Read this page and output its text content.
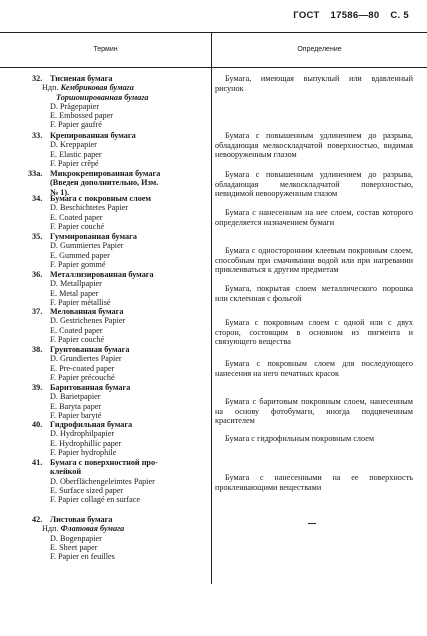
ГОСТ 17586—80 С. 5
Термин	Определение
32. Тисненая бумага
Ндп. Кембриковая бумага
Торшонированная бумага
D. Prägepapier
E. Embossed paper
F. Papier gaufré
33. Крепированная бумага
D. Kreppapier
E. Elastic paper
F. Papier crêpé
33а. Микрокрепированная бумага
(Введен дополнительно, Изм.
№ 1).
34. Бумага с покровным слоем
D. Beschichtetes Papier
E. Coated paper
F. Papier couché
35. Гуммированная бумага
D. Gummiertes Papier
E. Gummed paper
F. Papier gommé
36. Металлизированная бумага
D. Metallpapier
E. Metal paper
F. Papier métallisé
37. Мелованная бумага
D. Gestrichenes Papier
E. Coated paper
F. Papier couché
38. Грунтованная бумага
D. Grundiertes Papier
E. Pre-coated paper
F. Papier précouché
39. Баритованная бумага
D. Barietpapier
E. Baryta paper
F. Papier baryté
40. Гидрофильная бумага
D. Hydrophilpapier
E. Hydrophillic paper
F. Papier hydrophile
41. Бумага с поверхностной про-
клейкой
D. Oberflächengeleimtes Papier
E. Surface sized paper
F. Papier collagé en surface
42. Листовая бумага
Ндп. Флатовая бумага
D. Bogenpapier
E. Sheet paper
F. Papier en feuilles
Бумага, имеющая выпуклый или вдавленный рисунок
Бумага с повышенным удлинением до разрыва, обладающая мелкоскладчатой поверхностью, видимая невооруженным глазом
Бумага с повышенным удлинением до разрыва, обладающая мелкоскладчатой поверхностью, невидимой невооруженным глазом
Бумага с нанесенным на нее слоем, состав которого определяется назначением бумаги
Бумага с односторонним клеевым покровным слоем, способным при смачивании водой или при нагревании приклеиваться к другим предметам
Бумага, покрытая слоем металлического порошка или склеенная с фольгой
Бумага с покровным слоем с одной или с двух сторон, состоящим в основном из пигмента и связующего вещества
Бумага с покровным слоем для последующего нанесения на него печатных красок
Бумага с баритовым покровным слоем, нанесенным на основу фотобумаги, иногда подцвеченным красителем
Бумага с гидрофильным покровным слоем
Бумага с нанесенными на ее поверхность проклеивающими веществами
